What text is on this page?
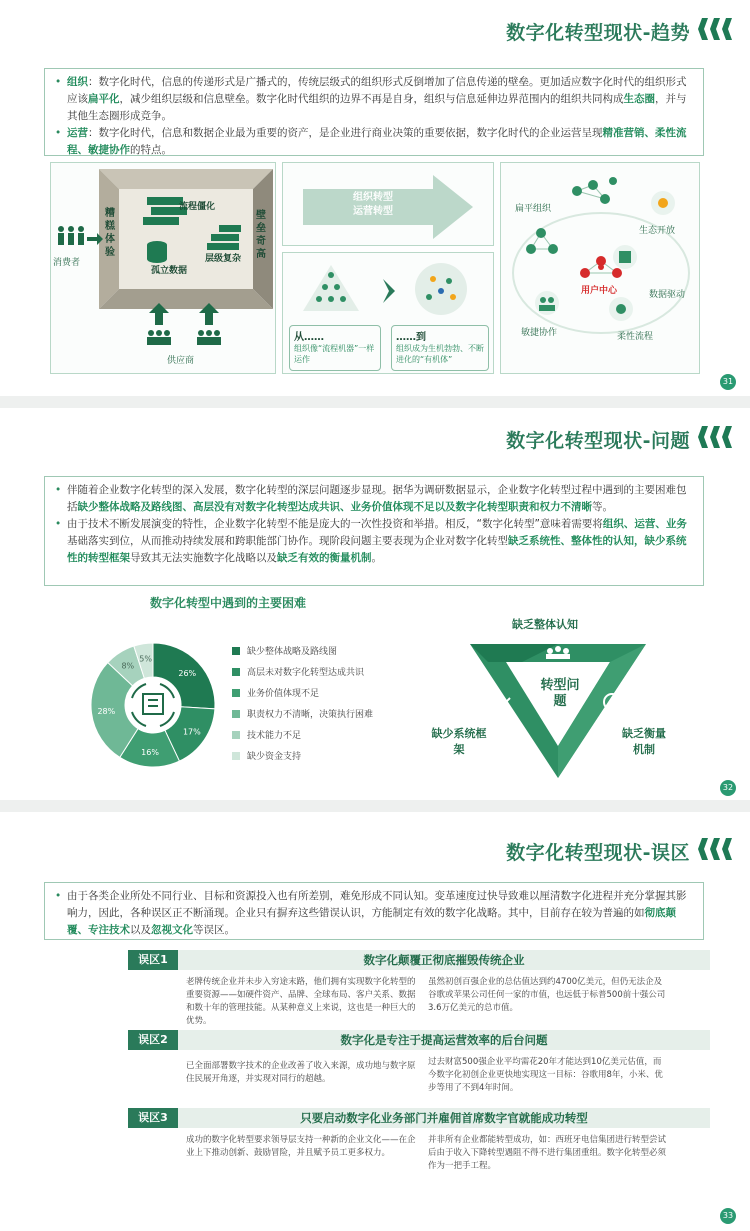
数字化转型现状-趋势

• 组织：数字化时代，信息的传递形式是广播式的，传统层级式的组织形式反倒增加了信息传递的壁垒。更加适应数字化时代的组织形式应该扁平化，减少组织层级和信息壁垒。数字化时代组织的边界不再是自身，组织与信息延伸边界范围内的组织共同构成生态圈，并与其他生态圈形成竞争。

• 运营：数字化时代，信息和数据企业最为重要的资产，是企业进行商业决策的重要依据，数字化时代的企业运营呈现精准营销、柔性流程、敏捷协作的特点。

消费者
供应商
糟糕体验
壁垒奇高
流程僵化
孤立数据
层级复杂
组织转型
运营转型
从……
组织像“流程机器”一样运作
……到
组织成为生机勃勃、不断进化的“有机体”
扁平组织
生态开放
用户中心	数据驱动
敏捷协作	柔性流程
31
数字化转型现状-问题

• 伴随着企业数字化转型的深入发展，数字化转型的深层问题逐步显现。据华为调研数据显示，企业数字化转型过程中遇到的主要困难包括缺少整体战略及路线图、高层没有对数字化转型达成共识、业务价值体现不足以及数字化转型职责和权力不清晰等。

• 由于技术不断发展演变的特性，企业数字化转型不能是庞大的一次性投资和举措。相反，“数字化转型”意味着需要将组织、运营、业务基础落实到位，从而推动持续发展和跨职能部门协作。现阶段问题主要表现为企业对数字化转型缺乏系统性、整体性的认知，缺少系统性的转型框架导致其无法实施数字化战略以及缺乏有效的衡量机制。

数字化转型中遇到的主要困难
26%
17%
16%
28%
8%
5%
缺少整体战略及路线图
高层未对数字化转型达成共识
业务价值体现不足
职责权力不清晰，决策执行困难
技术能力不足
缺少资金支持
缺乏整体认知
转型问题
缺少系统框架
缺乏衡量机制
32
数字化转型现状-误区

• 由于各类企业所处不同行业、目标和资源投入也有所差别，难免形成不同认知。变革速度过快导致难以厘清数字化进程并充分掌握其影响力，因此，各种误区正不断涌现。企业只有摒弃这些错误认识，方能制定有效的数字化战略。其中，目前存在较为普遍的如彻底颠覆、专注技术以及忽视文化等误区。

误区1	数字化颠覆正彻底摧毁传统企业
老牌传统企业并未步入穷途末路，他们拥有实现数字化转型的重要资源——如硬件资产、品牌、全球布局、客户关系、数据和数十年的管理技能。从某种意义上来说，这也是一种巨大的优势。
虽然初创百强企业的总估值达到约4700亿美元，但仍无法企及谷歌或苹果公司任何一家的市值，也远低于标普500前十强公司3.6万亿美元的总市值。
误区2	数字化是专注于提高运营效率的后台问题
已全面部署数字技术的企业改善了收入来源，成功地与数字原住民展开角逐，并实现对同行的超越。
过去财富500强企业平均需花20年才能达到10亿美元估值，而今数字化初创企业更快地实现这一目标：谷歌用8年，小米、优步等用了不到4年时间。
误区3	只要启动数字化业务部门并雇佣首席数字官就能成功转型
成功的数字化转型要求领导层支持一种新的企业文化——在企业上下推动创新、鼓励冒险，并且赋予员工更多权力。
并非所有企业都能转型成功，如：西班牙电信集团进行转型尝试后由于收入下降转型遇阻不得不进行集团重组。数字化转型必须作为一把手工程。
33
